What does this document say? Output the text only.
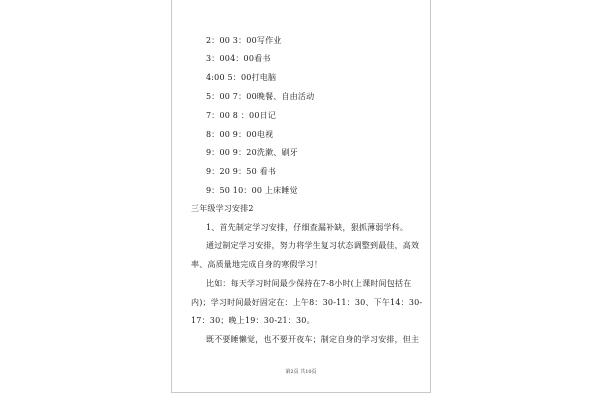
2：00 3：00写作业
3：004：00看书
4:00 5：00打电脑
5：00 7：00晚餐、自由活动
7：00 8 ：00日记
8：00 9：00电视
9：00 9：20洗漱、刷牙
9：20 9：50 看书
9：50 10：00 上床睡觉
三年级学习安排2
1、首先制定学习安排，仔细查漏补缺，狠抓薄弱学科。
通过制定学习安排，努力将学生复习状态调整到最佳，高效
率、高质量地完成自身的寒假学习！
比如：每天学习时间最少保持在7-8小时(上课时间包括在
内)；学习时间最好固定在：上午8：30-11：30、下午14：30-
17：30；晚上19：30-21：30。
既不要睡懒觉，也不要开夜车；制定自身的学习安排，但主
第2页 共10页
